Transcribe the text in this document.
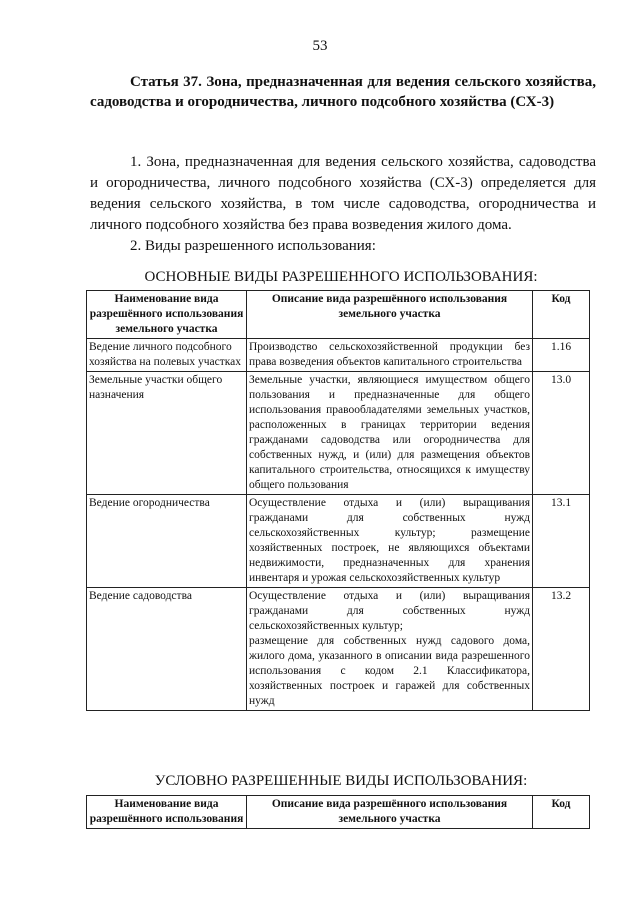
53
Статья 37. Зона, предназначенная для ведения сельского хозяйства, садоводства и огородничества, личного подсобного хозяйства (СХ-3)

1. Зона, предназначенная для ведения сельского хозяйства, садоводства и огородничества, личного подсобного хозяйства (СХ-3) определяется для ведения сельского хозяйства, в том числе садоводства, огородничества и личного подсобного хозяйства без права возведения жилого дома.

2. Виды разрешенного использования:

ОСНОВНЫЕ ВИДЫ РАЗРЕШЕННОГО ИСПОЛЬЗОВАНИЯ:
Наименование вида разрешённого использования земельного участка	Описание вида разрешённого использования земельного участка	Код
Ведение личного подсобного хозяйства на полевых участках	Производство сельскохозяйственной продукции без права возведения объектов капитального строительства	1.16
Земельные участки общего назначения	Земельные участки, являющиеся имуществом общего пользования и предназначенные для общего использования правообладателями земельных участков, расположенных в границах территории ведения гражданами садоводства или огородничества для собственных нужд, и (или) для размещения объектов капитального строительства, относящихся к имуществу общего пользования	13.0
Ведение огородничества	Осуществление отдыха и (или) выращивания гражданами для собственных нужд сельскохозяйственных культур; размещение хозяйственных построек, не являющихся объектами недвижимости, предназначенных для хранения инвентаря и урожая сельскохозяйственных культур	13.1
Ведение садоводства	Осуществление отдыха и (или) выращивания гражданами для собственных нужд сельскохозяйственных культур;
размещение для собственных нужд садового дома, жилого дома, указанного в описании вида разрешенного использования с кодом 2.1 Классификатора, хозяйственных построек и гаражей для собственных нужд	13.2
УСЛОВНО РАЗРЕШЕННЫЕ ВИДЫ ИСПОЛЬЗОВАНИЯ:
Наименование вида разрешённого использования	Описание вида разрешённого использования земельного участка	Код
